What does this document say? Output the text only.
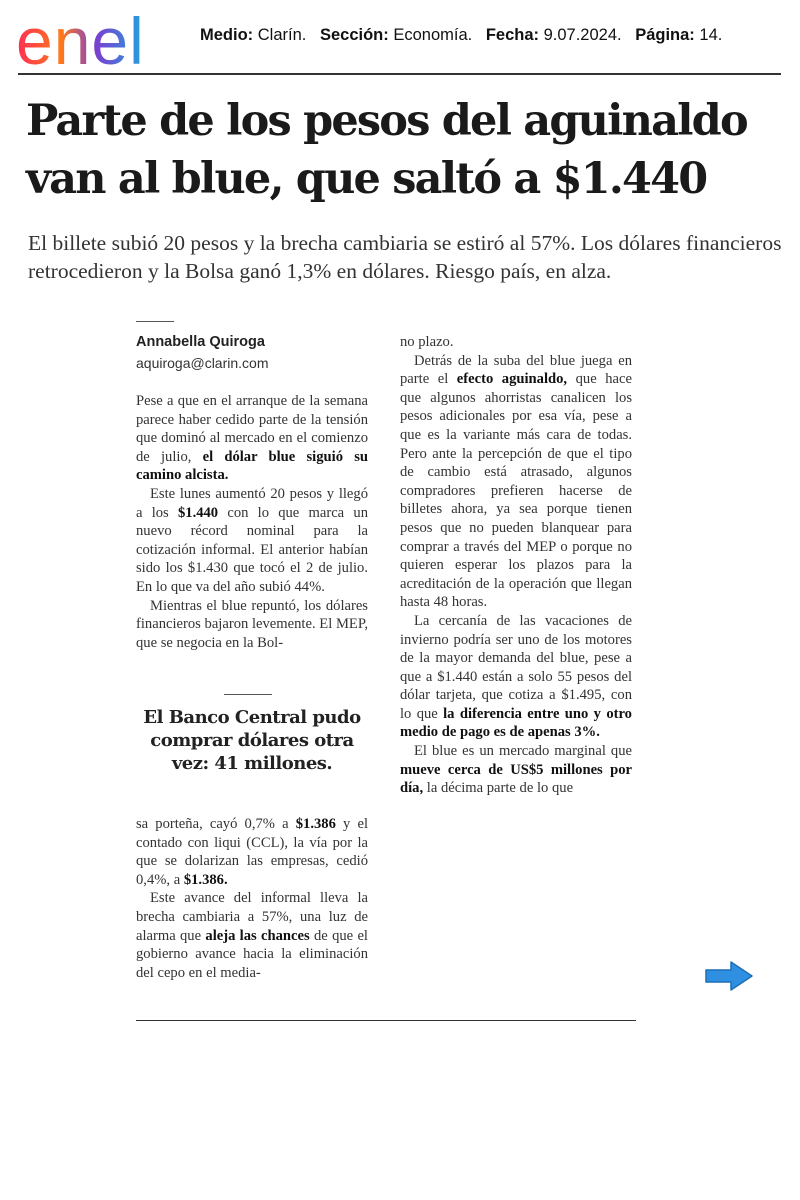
enel	Medio: Clarín. Sección: Economía. Fecha: 9.07.2024. Página: 14.
Parte de los pesos del aguinaldo van al blue, que saltó a $1.440

El billete subió 20 pesos y la brecha cambiaria se estiró al 57%. Los dólares financieros retrocedieron y la Bolsa ganó 1,3% en dólares. Riesgo país, en alza.

Annabella Quiroga
aquiroga@clarin.com

Pese a que en el arranque de la semana parece haber cedido parte de la tensión que dominó al mercado en el comienzo de julio, el dólar blue siguió su camino alcista.

Este lunes aumentó 20 pesos y llegó a los $1.440 con lo que marca un nuevo récord nominal para la cotización informal. El anterior habían sido los $1.430 que tocó el 2 de julio. En lo que va del año subió 44%.

Mientras el blue repuntó, los dólares financieros bajaron levemente. El MEP, que se negocia en la Bol-

El Banco Central pudo comprar dólares otra vez: 41 millones.

sa porteña, cayó 0,7% a $1.386 y el contado con liqui (CCL), la vía por la que se dolarizan las empresas, cedió 0,4%, a $1.386.

Este avance del informal lleva la brecha cambiaria a 57%, una luz de alarma que aleja las chances de que el gobierno avance hacia la eliminación del cepo en el media-

no plazo.

Detrás de la suba del blue juega en parte el efecto aguinaldo, que hace que algunos ahorristas canalicen los pesos adicionales por esa vía, pese a que es la variante más cara de todas. Pero ante la percepción de que el tipo de cambio está atrasado, algunos compradores prefieren hacerse de billetes ahora, ya sea porque tienen pesos que no pueden blanquear para comprar a través del MEP o porque no quieren esperar los plazos para la acreditación de la operación que llegan hasta 48 horas.

La cercanía de las vacaciones de invierno podría ser uno de los motores de la mayor demanda del blue, pese a que a $1.440 están a solo 55 pesos del dólar tarjeta, que cotiza a $1.495, con lo que la diferencia entre uno y otro medio de pago es de apenas 3%.

El blue es un mercado marginal que mueve cerca de US$5 millones por día, la décima parte de lo que
